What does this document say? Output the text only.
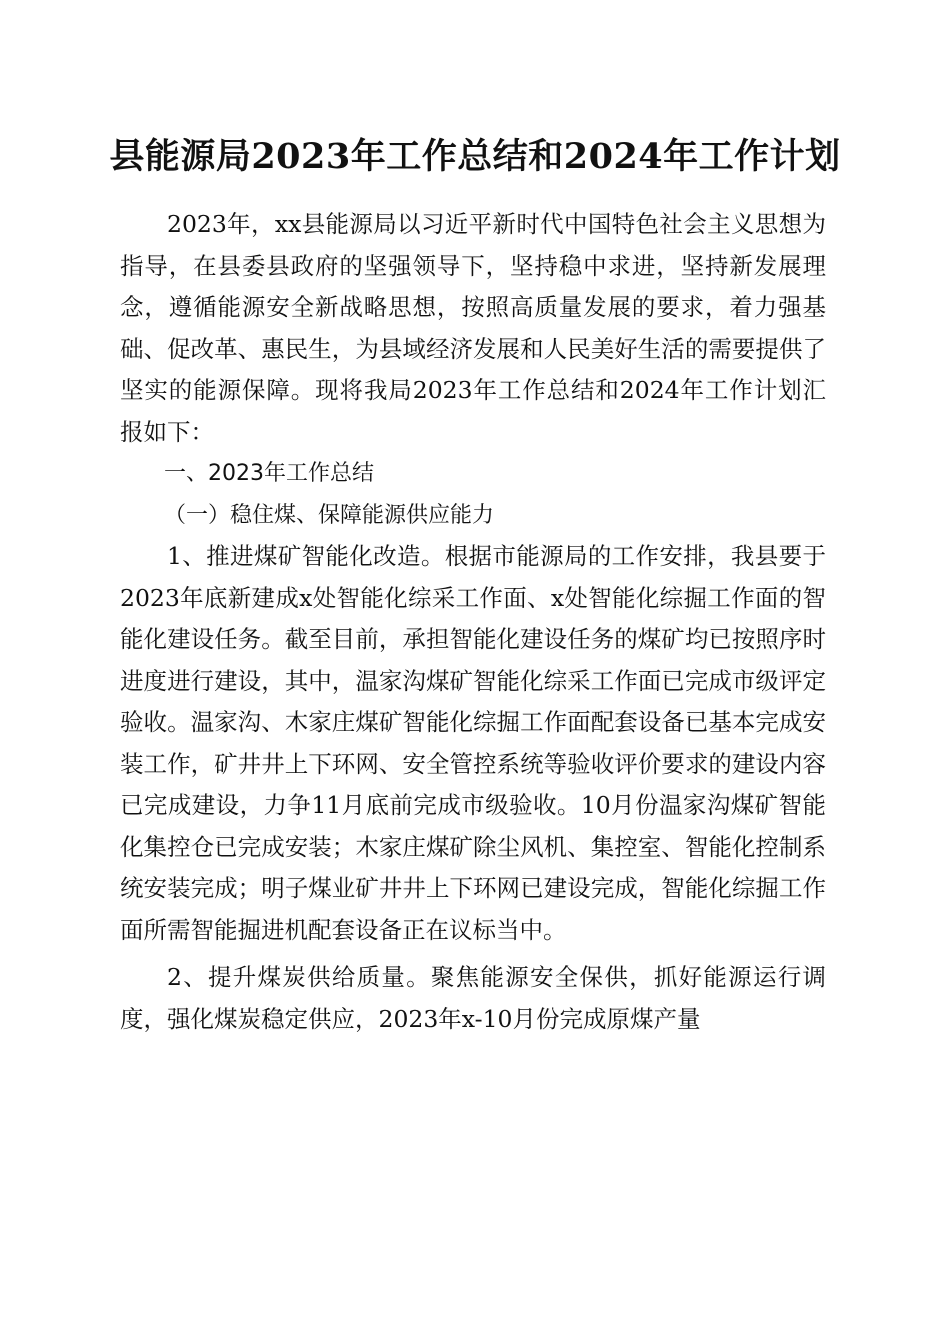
县能源局2023年工作总结和2024年工作计划

2023年，xx县能源局以习近平新时代中国特色社会主义思想为指导，在县委县政府的坚强领导下，坚持稳中求进，坚持新发展理念，遵循能源安全新战略思想，按照高质量发展的要求，着力强基础、促改革、惠民生，为县域经济发展和人民美好生活的需要提供了坚实的能源保障。现将我局2023年工作总结和2024年工作计划汇报如下：

一、2023年工作总结

（一）稳住煤、保障能源供应能力

1、推进煤矿智能化改造。根据市能源局的工作安排，我县要于2023年底新建成x处智能化综采工作面、x处智能化综掘工作面的智能化建设任务。截至目前，承担智能化建设任务的煤矿均已按照序时进度进行建设，其中，温家沟煤矿智能化综采工作面已完成市级评定验收。温家沟、木家庄煤矿智能化综掘工作面配套设备已基本完成安装工作，矿井井上下环网、安全管控系统等验收评价要求的建设内容已完成建设，力争11月底前完成市级验收。10月份温家沟煤矿智能化集控仓已完成安装；木家庄煤矿除尘风机、集控室、智能化控制系统安装完成；明子煤业矿井井上下环网已建设完成，智能化综掘工作面所需智能掘进机配套设备正在议标当中。

2、提升煤炭供给质量。聚焦能源安全保供，抓好能源运行调度，强化煤炭稳定供应，2023年x-10月份完成原煤产量
